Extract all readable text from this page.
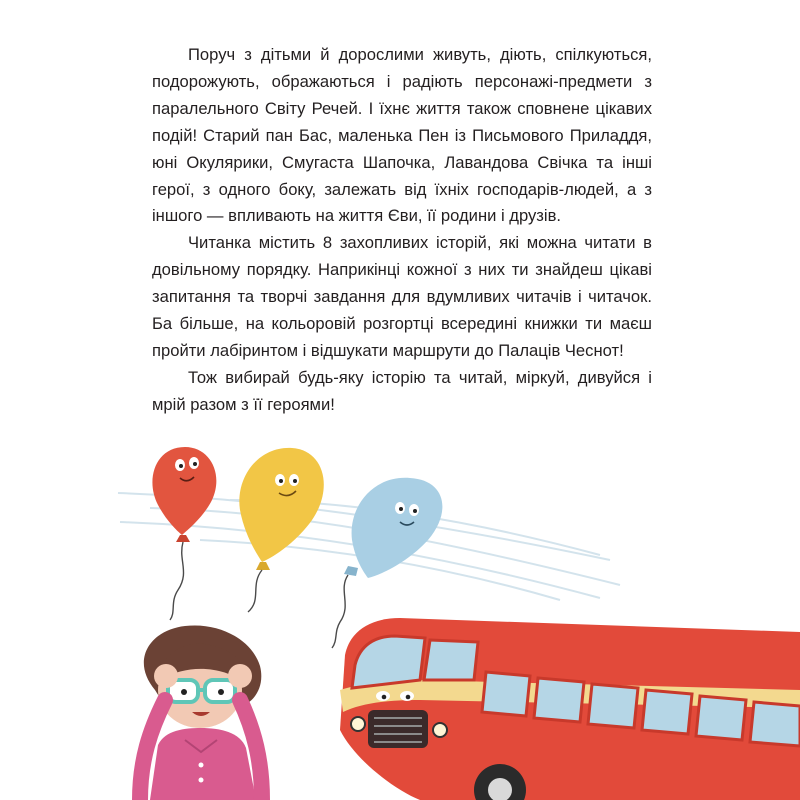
Поруч з дітьми й дорослими живуть, діють, спілкуються, подорожують, ображаються і радіють персонажі-предмети з паралельного Світу Речей. І їхнє життя також сповнене цікавих подій! Старий пан Бас, маленька Пен із Письмового Приладдя, юні Окулярики, Смугаста Шапочка, Лавандова Свічка та інші герої, з одного боку, залежать від їхніх господарів-людей, а з іншого — впливають на життя Єви, її родини і друзів.

Читанка містить 8 захопливих історій, які можна читати в довільному порядку. Наприкінці кожної з них ти знайдеш цікаві запитання та творчі завдання для вдумливих читачів і читачок. Ба більше, на кольоровій розгортці всередині книжки ти маєш пройти лабіринтом і відшукати маршрути до Палаців Чеснот!

Тож вибирай будь-яку історію та читай, міркуй, дивуйся і мрій разом з її героями!
